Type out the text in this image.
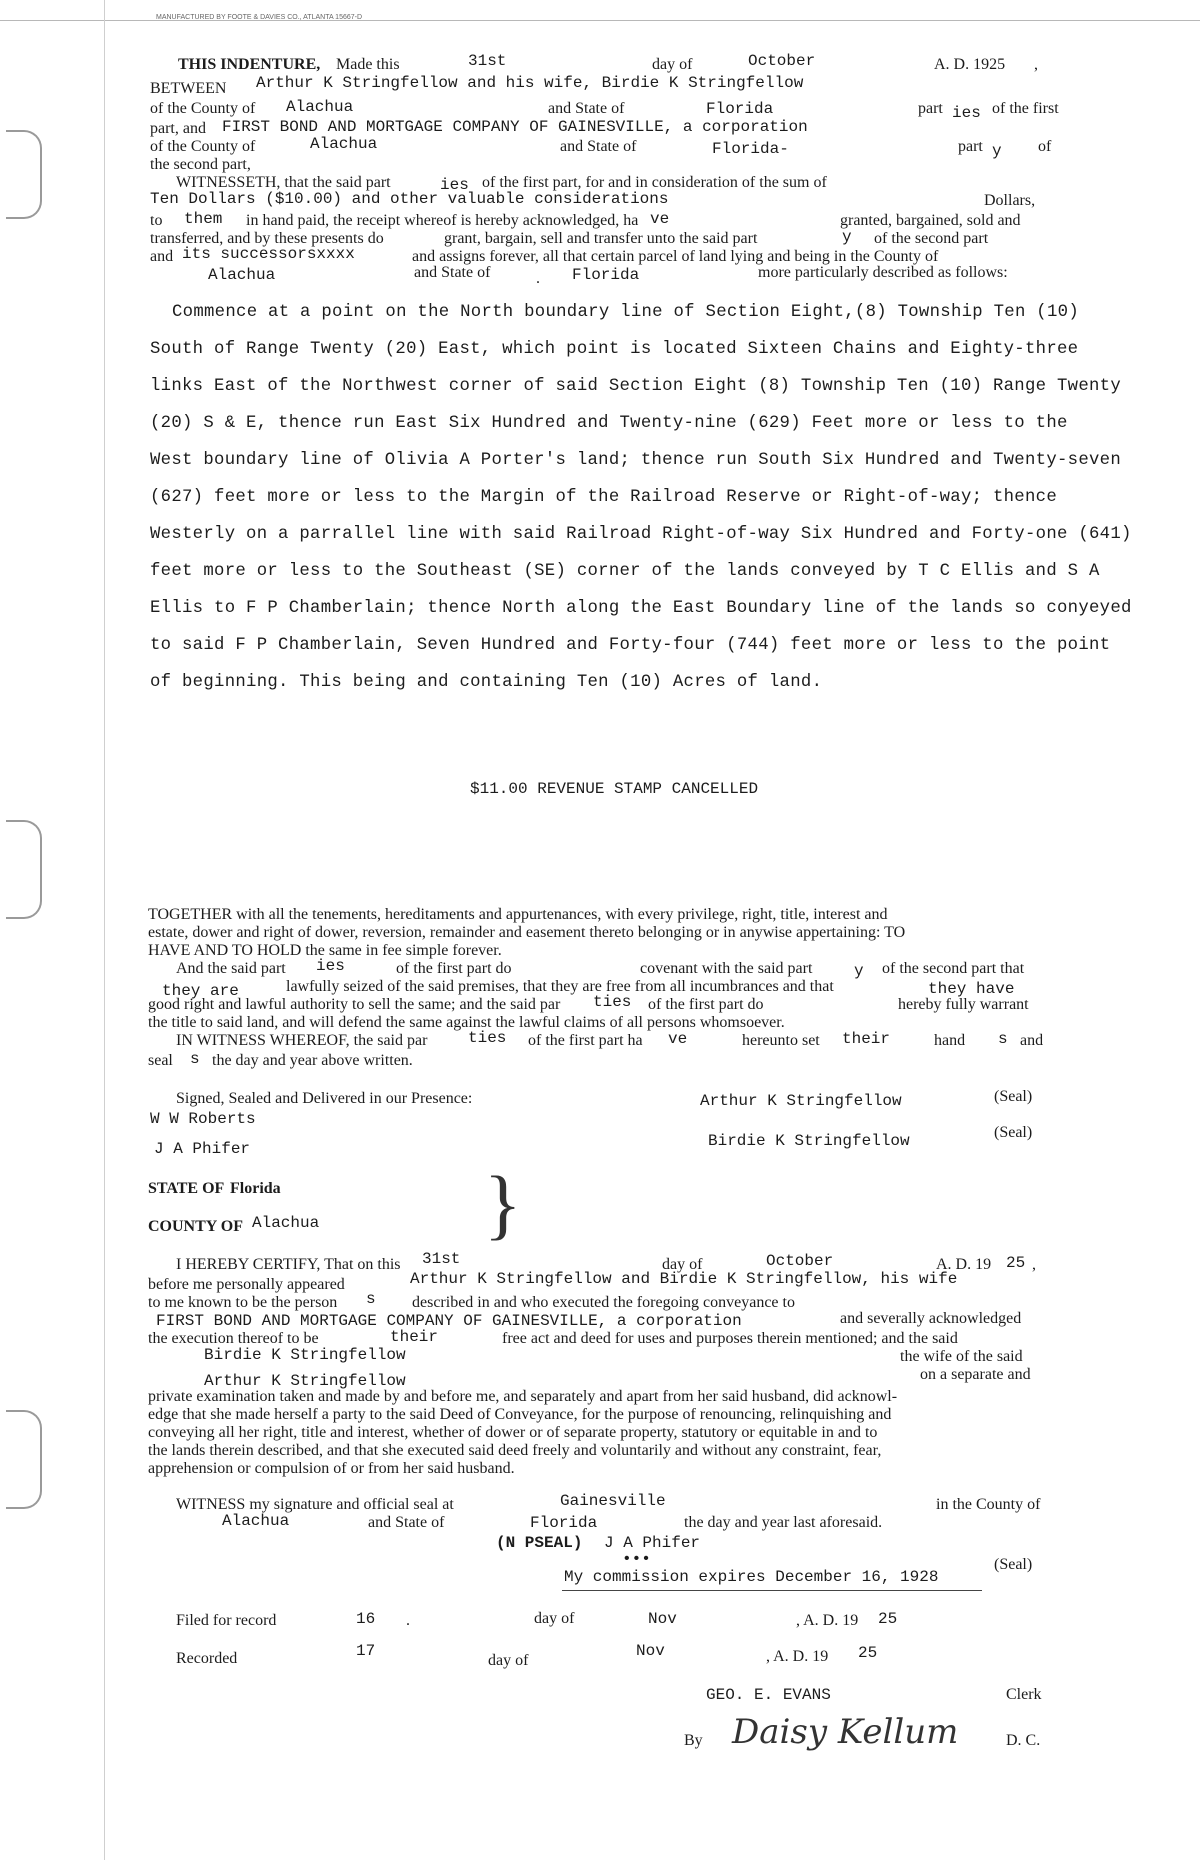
MANUFACTURED BY FOOTE & DAVIES CO., ATLANTA 15667-D
THIS INDENTURE, Made this	31st	day of	October	A. D. 1925 ,
BETWEEN Arthur K Stringfellow and his wife, Birdie K Stringfellow
of the County of Alachua	and State of	Florida	part ies of the first
part, and FIRST BOND AND MORTGAGE COMPANY OF GAINESVILLE, a corporation
of the County of	Alachua	and State of	Florida-	part y of
the second part,
WITNESSETH, that the said part	ies of the first part, for and in consideration of the sum of
Ten Dollars ($10.00) and other valuable considerations	Dollars,
to them in hand paid, the receipt whereof is hereby acknowledged, ha ve	granted, bargained, sold and
transferred, and by these presents do	grant, bargain, sell and transfer unto the said part	y of the second part
and its successorsxxxx	and assigns forever, all that certain parcel of land lying and being in the County of
Alachua	and State of	. Florida	more particularly described as follows:
Commence at a point on the North boundary line of Section Eight,(8) Township Ten (10)
South of Range Twenty (20) East, which point is located Sixteen Chains and Eighty-three
links East of the Northwest corner of said Section Eight (8) Township Ten (10) Range Twenty
(20) S & E, thence run East Six Hundred and Twenty-nine (629) Feet more or less to the
West boundary line of Olivia A Porter's land; thence run South Six Hundred and Twenty-seven
(627) feet more or less to the Margin of the Railroad Reserve or Right-of-way; thence
Westerly on a parrallel line with said Railroad Right-of-way Six Hundred and Forty-one (641)
feet more or less to the Southeast (SE) corner of the lands conveyed by T C Ellis and S A
Ellis to F P Chamberlain; thence North along the East Boundary line of the lands so conyeyed
to said F P Chamberlain, Seven Hundred and Forty-four (744) feet more or less to the point
of beginning. This being and containing Ten (10) Acres of land.
$11.00 REVENUE STAMP CANCELLED
TOGETHER with all the tenements, hereditaments and appurtenances, with every privilege, right, title, interest and
estate, dower and right of dower, reversion, remainder and easement thereto belonging or in anywise appertaining: TO
HAVE AND TO HOLD the same in fee simple forever.
And the said part ies	of the first part do	covenant with the said part	y of the second part that
they are	lawfully seized of the said premises, that they are free from all incumbrances and that	they have
good right and lawful authority to sell the same; and the said par ties of the first part do	hereby fully warrant
the title to said land, and will defend the same against the lawful claims of all persons whomsoever.
IN WITNESS WHEREOF, the said par	ties of the first part ha ve	hereunto set their	hand s and
seal s the day and year above written.
Signed, Sealed and Delivered in our Presence:
W W Roberts
J A Phifer
Arthur K Stringfellow
Birdie K Stringfellow
(Seal)
(Seal)
STATE OF Florida
COUNTY OF Alachua }
I HEREBY CERTIFY, That on this 31st	day of	October	A. D. 19 25 ,
before me personally appeared	Arthur K Stringfellow and Birdie K Stringfellow, his wife
to me known to be the person s described in and who executed the foregoing conveyance to
FIRST BOND AND MORTGAGE COMPANY OF GAINESVILLE, a corporation	and severally acknowledged
the execution thereof to be	their	free act and deed for uses and purposes therein mentioned; and the said
Birdie K Stringfellow	the wife of the said
on a separate and
Arthur K Stringfellow
private examination taken and made by and before me, and separately and apart from her said husband, did acknowl-
edge that she made herself a party to the said Deed of Conveyance, for the purpose of renouncing, relinquishing and
conveying all her right, title and interest, whether of dower or of separate property, statutory or equitable in and to
the lands therein described, and that she executed said deed freely and voluntarily and without any constraint, fear,
apprehension or compulsion of or from her said husband.
WITNESS my signature and official seal at	Gainesville	in the County of
Alachua	and State of	Florida	the day and year last aforesaid.
(N PSEAL) J A Phifer
•••	(Seal)
My commission expires December 16, 1928
Filed for record	16 .	day of	Nov	, A. D. 19 25
Recorded	17
day of
Nov	, A. D. 19 25
GEO. E. EVANS	Clerk
By Daisy Kellum	D. C.
